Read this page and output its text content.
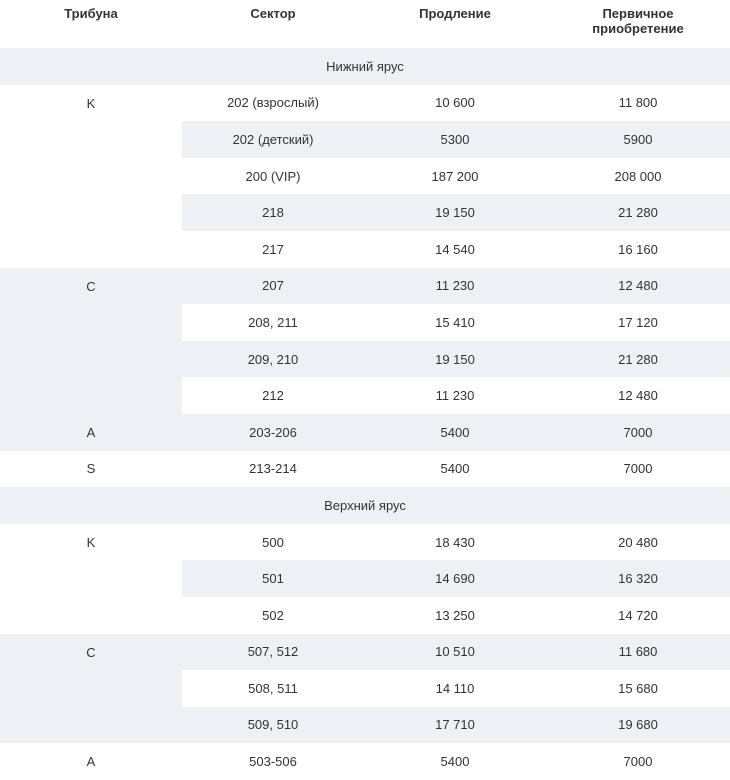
Трибуна	Сектор	Продление	Первичное
приобретение
Нижний ярус			
K	202 (взрослый)	10 600	11 800
	202 (детский)	5300	5900
	200 (VIP)	187 200	208 000
	218	19 150	21 280
	217	14 540	16 160
C	207	11 230	12 480
	208, 211	15 410	17 120
	209, 210	19 150	21 280
	212	11 230	12 480
A	203-206	5400	7000
S	213-214	5400	7000
Верхний ярус			
K	500	18 430	20 480
	501	14 690	16 320
	502	13 250	14 720
C	507, 512	10 510	11 680
	508, 511	14 110	15 680
	509, 510	17 710	19 680
A	503-506	5400	7000
